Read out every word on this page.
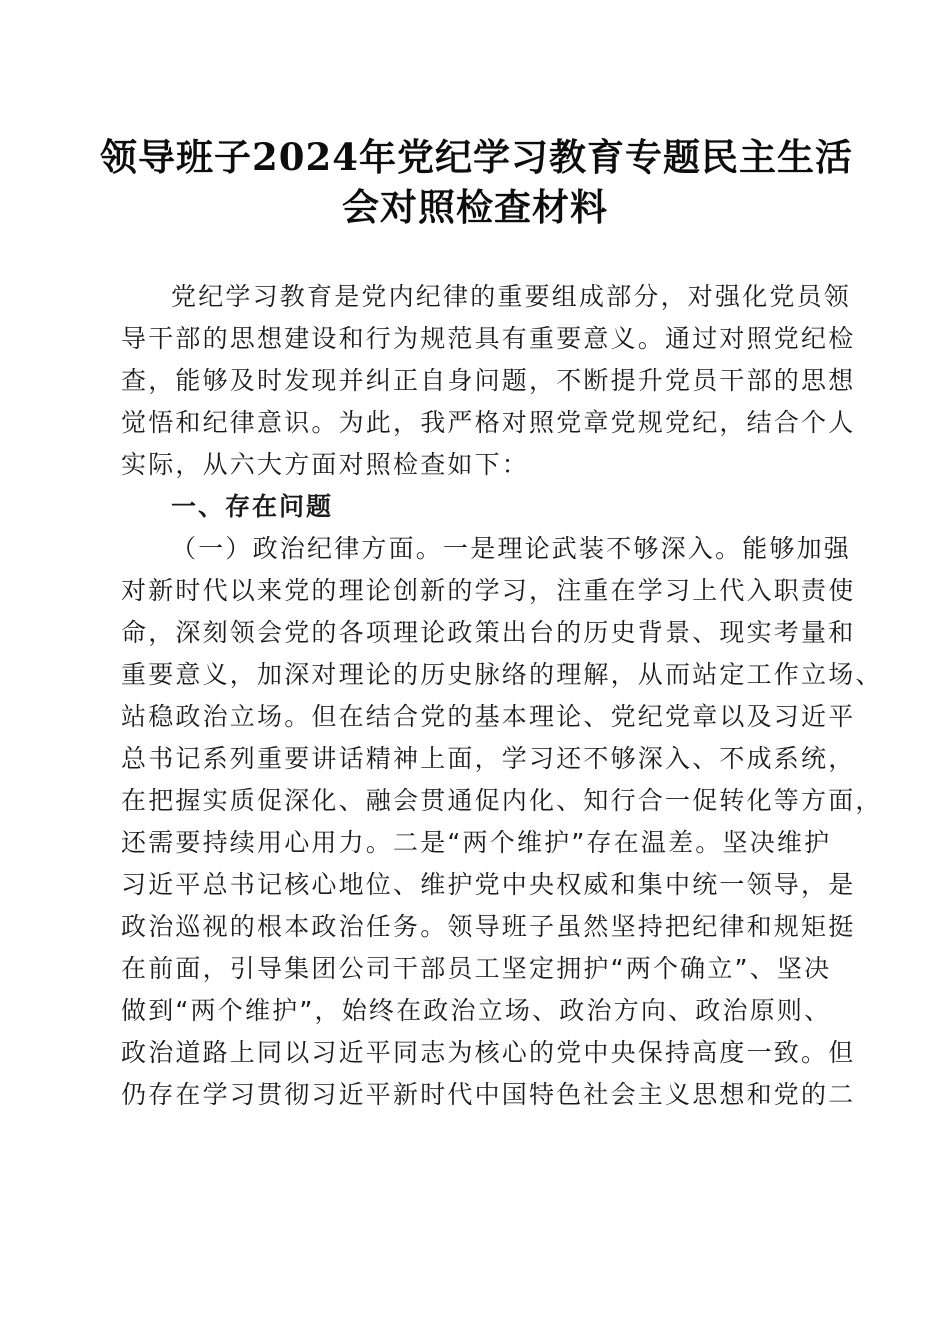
领导班子2024年党纪学习教育专题民主生活
会对照检查材料
党纪学习教育是党内纪律的重要组成部分，对强化党员领
导干部的思想建设和行为规范具有重要意义。通过对照党纪检
查，能够及时发现并纠正自身问题，不断提升党员干部的思想
觉悟和纪律意识。为此，我严格对照党章党规党纪，结合个人
实际，从六大方面对照检查如下：
一、存在问题
（一）政治纪律方面。一是理论武装不够深入。能够加强
对新时代以来党的理论创新的学习，注重在学习上代入职责使
命，深刻领会党的各项理论政策出台的历史背景、现实考量和
重要意义，加深对理论的历史脉络的理解，从而站定工作立场、
站稳政治立场。但在结合党的基本理论、党纪党章以及习近平
总书记系列重要讲话精神上面，学习还不够深入、不成系统，
在把握实质促深化、融会贯通促内化、知行合一促转化等方面，
还需要持续用心用力。二是“两个维护”存在温差。坚决维护
习近平总书记核心地位、维护党中央权威和集中统一领导，是
政治巡视的根本政治任务。领导班子虽然坚持把纪律和规矩挺
在前面，引导集团公司干部员工坚定拥护“两个确立”、坚决
做到“两个维护”，始终在政治立场、政治方向、政治原则、
政治道路上同以习近平同志为核心的党中央保持高度一致。但
仍存在学习贯彻习近平新时代中国特色社会主义思想和党的二
